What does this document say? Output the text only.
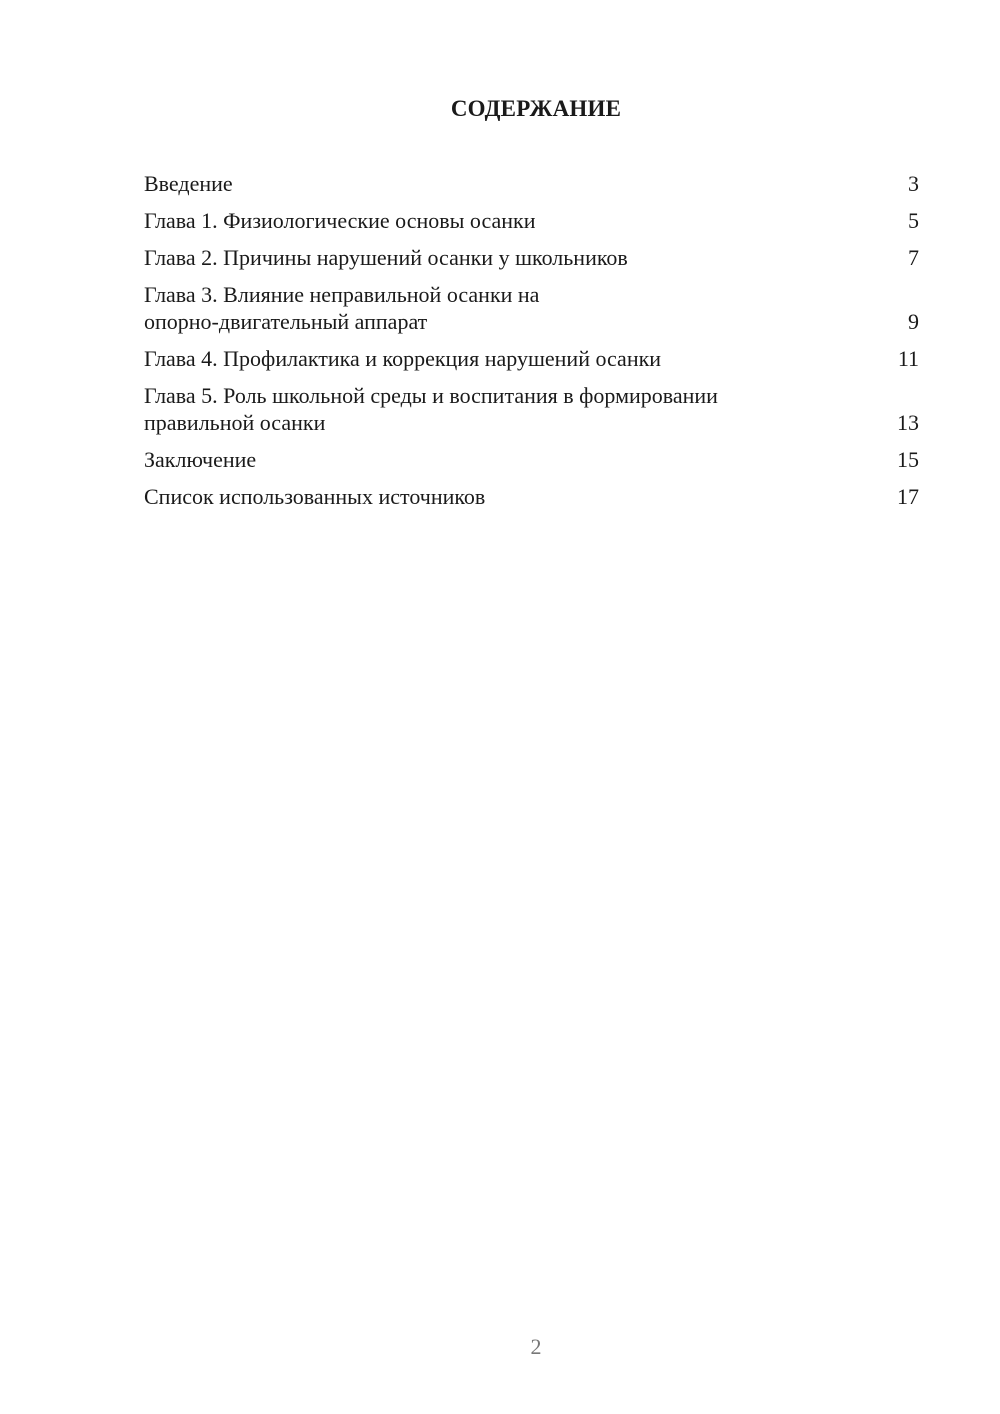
СОДЕРЖАНИЕ
Введение	3
Глава 1. Физиологические основы осанки	5
Глава 2. Причины нарушений осанки у школьников	7
Глава 3. Влияние неправильной осанки на
опорно-двигательный аппарат	9
Глава 4. Профилактика и коррекция нарушений осанки	11
Глава 5. Роль школьной среды и воспитания в формировании
правильной осанки	13
Заключение	15
Список использованных источников	17
2
